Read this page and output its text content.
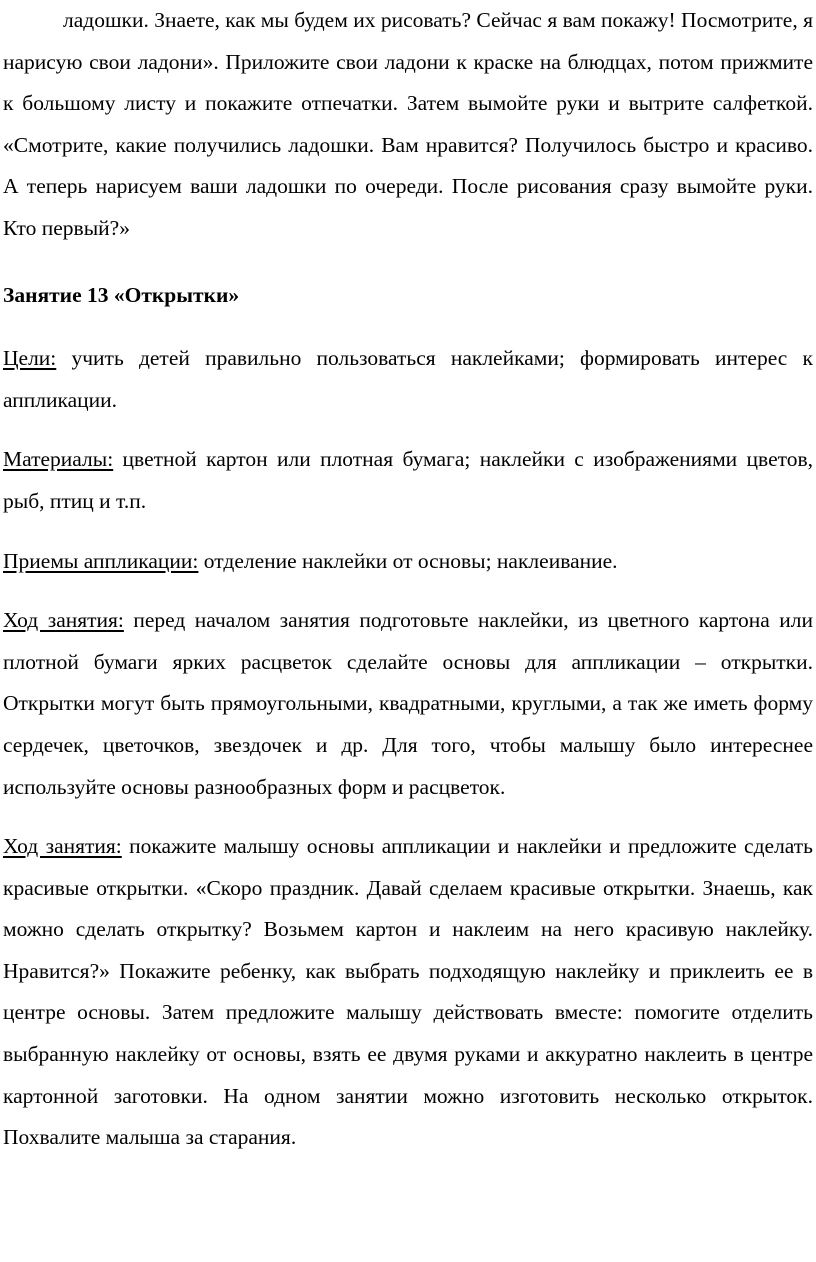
ладошки. Знаете, как мы будем их рисовать? Сейчас я вам покажу! Посмотрите, я нарисую свои ладони». Приложите свои ладони к краске на блюдцах, потом прижмите к большому листу и покажите отпечатки. Затем вымойте руки и вытрите салфеткой. «Смотрите, какие получились ладошки. Вам нравится? Получилось быстро и красиво. А теперь нарисуем ваши ладошки по очереди. После рисования сразу вымойте руки. Кто первый?»

Занятие 13 «Открытки»

Цели: учить детей правильно пользоваться наклейками; формировать интерес к аппликации.

Материалы: цветной картон или плотная бумага; наклейки с изображениями цветов, рыб, птиц и т.п.

Приемы аппликации: отделение наклейки от основы; наклеивание.

Ход занятия: перед началом занятия подготовьте наклейки, из цветного картона или плотной бумаги ярких расцветок сделайте основы для аппликации – открытки. Открытки могут быть прямоугольными, квадратными, круглыми, а так же иметь форму сердечек, цветочков, звездочек и др. Для того, чтобы малышу было интереснее используйте основы разнообразных форм и расцветок.

Ход занятия: покажите малышу основы аппликации и наклейки и предложите сделать красивые открытки. «Скоро праздник. Давай сделаем красивые открытки. Знаешь, как можно сделать открытку? Возьмем картон и наклеим на него красивую наклейку. Нравится?» Покажите ребенку, как выбрать подходящую наклейку и приклеить ее в центре основы. Затем предложите малышу действовать вместе: помогите отделить выбранную наклейку от основы, взять ее двумя руками и аккуратно наклеить в центре картонной заготовки. На одном занятии можно изготовить несколько открыток. Похвалите малыша за старания.
